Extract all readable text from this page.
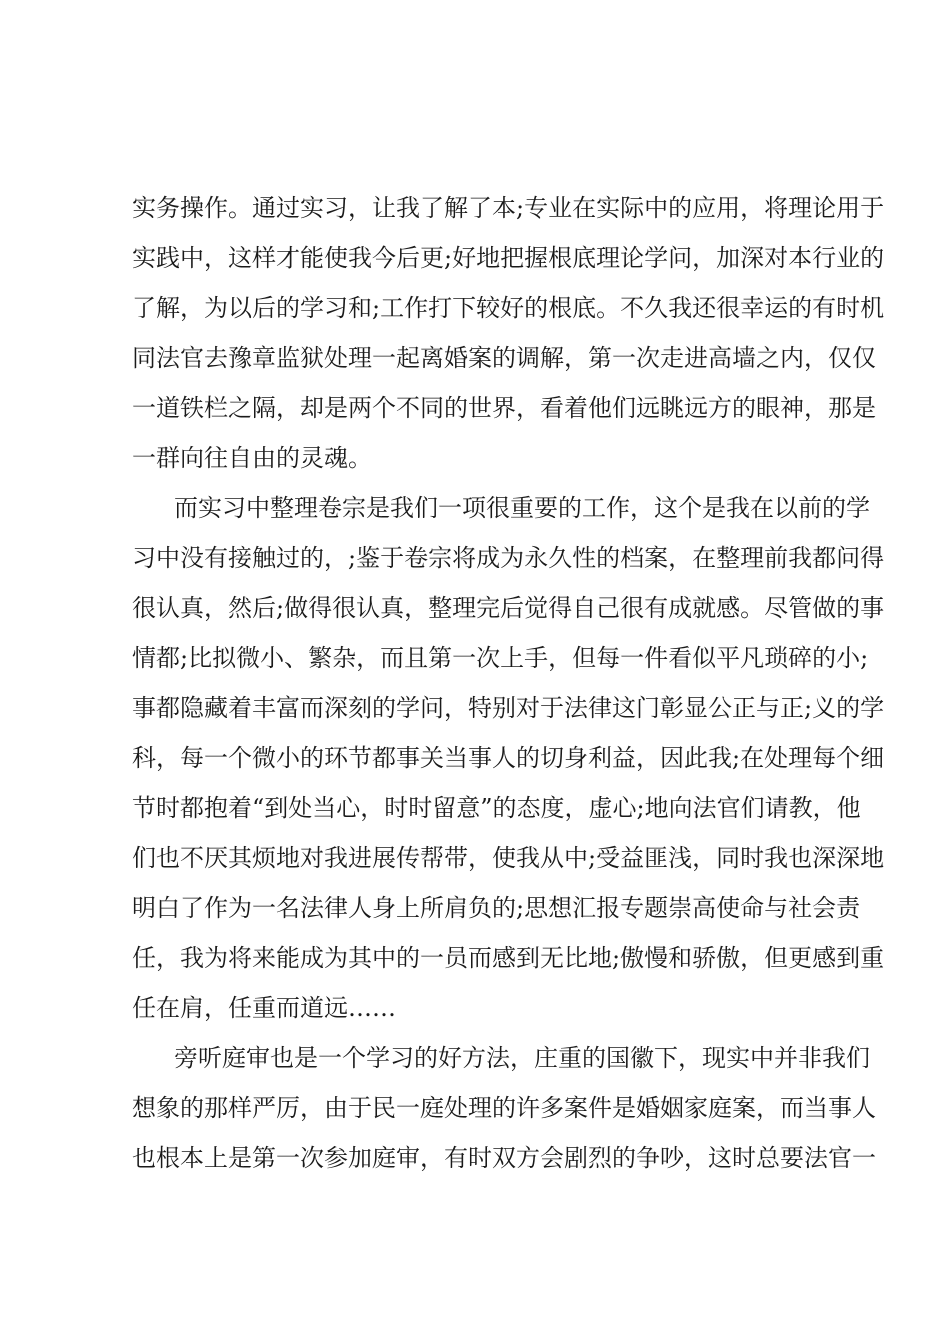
实务操作。通过实习，让我了解了本;专业在实际中的应用，将理论用于
实践中，这样才能使我今后更;好地把握根底理论学问，加深对本行业的
了解，为以后的学习和;工作打下较好的根底。不久我还很幸运的有时机
同法官去豫章监狱处理一起离婚案的调解，第一次走进高墙之内，仅仅
一道铁栏之隔，却是两个不同的世界，看着他们远眺远方的眼神，那是
一群向往自由的灵魂。
而实习中整理卷宗是我们一项很重要的工作，这个是我在以前的学
习中没有接触过的，;鉴于卷宗将成为永久性的档案，在整理前我都问得
很认真，然后;做得很认真，整理完后觉得自己很有成就感。尽管做的事
情都;比拟微小、繁杂，而且第一次上手，但每一件看似平凡琐碎的小;
事都隐藏着丰富而深刻的学问，特别对于法律这门彰显公正与正;义的学
科，每一个微小的环节都事关当事人的切身利益，因此我;在处理每个细
节时都抱着“到处当心，时时留意”的态度，虚心;地向法官们请教，他
们也不厌其烦地对我进展传帮带，使我从中;受益匪浅，同时我也深深地
明白了作为一名法律人身上所肩负的;思想汇报专题崇高使命与社会责
任，我为将来能成为其中的一员而感到无比地;傲慢和骄傲，但更感到重
任在肩，任重而道远……
旁听庭审也是一个学习的好方法，庄重的国徽下，现实中并非我们
想象的那样严厉，由于民一庭处理的许多案件是婚姻家庭案，而当事人
也根本上是第一次参加庭审，有时双方会剧烈的争吵，这时总要法官一
